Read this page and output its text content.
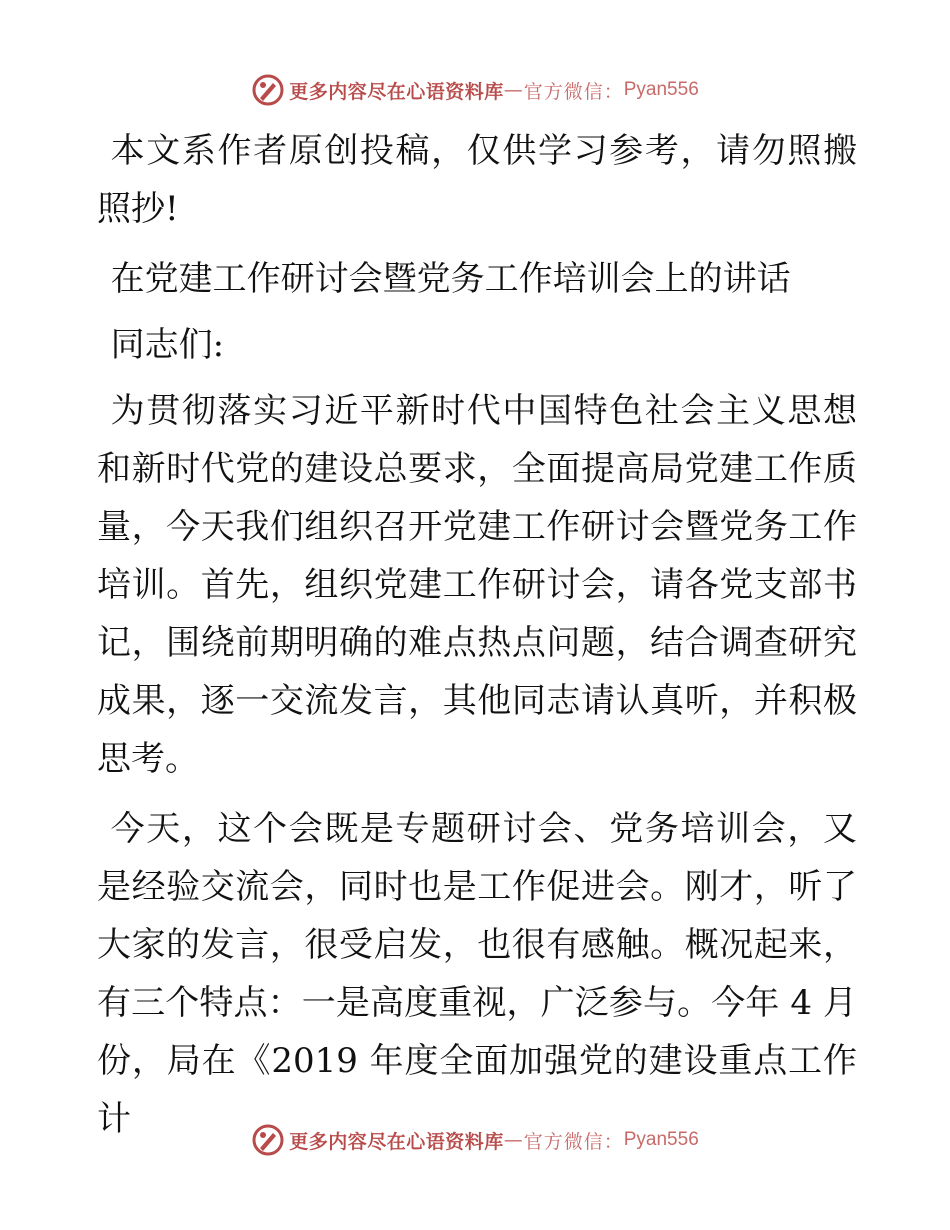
更多内容尽在心语资料库 — 官方微信： Pyan556

本文系作者原创投稿，仅供学习参考，请勿照搬照抄!

在党建工作研讨会暨党务工作培训会上的讲话

同志们:

为贯彻落实习近平新时代中国特色社会主义思想和新时代党的建设总要求，全面提高局党建工作质量，今天我们组织召开党建工作研讨会暨党务工作培训。首先，组织党建工作研讨会，请各党支部书记，围绕前期明确的难点热点问题，结合调查研究成果，逐一交流发言，其他同志请认真听，并积极思考。

今天，这个会既是专题研讨会、党务培训会，又是经验交流会，同时也是工作促进会。刚才，听了大家的发言，很受启发，也很有感触。概况起来，有三个特点：一是高度重视，广泛参与。今年 4 月份，局在《2019 年度全面加强党的建设重点工作计

更多内容尽在心语资料库 — 官方微信： Pyan556
